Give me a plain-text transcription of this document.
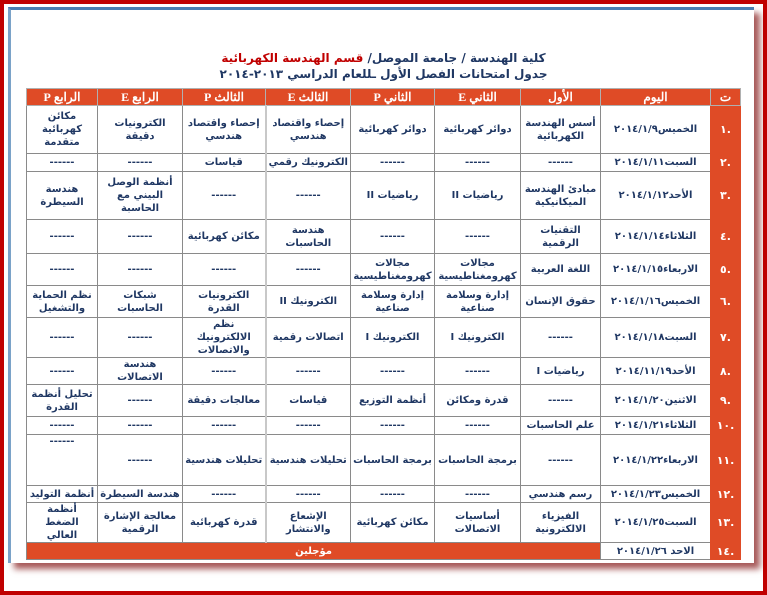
كلية الهندسة / جامعة الموصل/ قسم الهندسة الكهربائية
جدول امتحانات الفصل الأول ـللعام الدراسي ٢٠١٣-٢٠١٤
ت	اليوم	الأول	الثاني E	الثاني P	الثالث E	الثالث P	الرابع E	الرابع P
.١	الخميس٢٠١٤/١/٩	أسس الهندسة الكهربائية	دوائر كهربائية	دوائر كهربائية	إحصاء واقتصاد هندسي	إحصاء واقتصاد هندسي	الكترونيات دقيقة	مكائن كهربائية متقدمة
.٢	السبت٢٠١٤/١/١١	------	------	------	الكترونيك رقمي	قياسات	------	------
.٣	الأحد٢٠١٤/١/١٢	مبادئ الهندسة الميكانيكية	رياضيات II	رياضيات II	------	------	أنظمة الوصل البيني مع الحاسبة	هندسة السيطرة
.٤	الثلاثاء٢٠١٤/١/١٤	التقنيات الرقمية	------	------	هندسة الحاسبات	مكائن كهربائية	------	------
.٥	الاربعاء٢٠١٤/١/١٥	اللغة العربية	مجالات كهرومغناطيسية	مجالات كهرومغناطيسية	------	------	------	------
.٦	الخميس٢٠١٤/١/١٦	حقوق الإنسان	إدارة وسلامة صناعية	إدارة وسلامة صناعية	الكترونيك II	الكترونيات القدرة	شبكات الحاسبات	نظم الحماية والتشغيل
.٧	السبت٢٠١٤/١/١٨	------	الكترونيك I	الكترونيك I	اتصالات رقمية	نظم الالكترونيك والاتصالات	------	------
.٨	الأحد٢٠١٤/١١/١٩	رياضيات I	------	------	------	------	هندسة الاتصالات	------
.٩	الاثنين٢٠١٤/١/٢٠	------	قدرة ومكائن	أنظمة التوزيع	قياسات	معالجات دقيقة	------	تحليل أنظمة القدرة
.١٠	الثلاثاء٢٠١٤/١/٢١	علم الحاسبات	------	------	------	------	------	------
.١١	الاربعاء٢٠١٤/١/٢٢	------	برمجة الحاسبات	برمجة الحاسبات	تحليلات هندسية	تحليلات هندسية	------	------
.١٢	الخميس٢٠١٤/١/٢٣	رسم هندسي	------	------	------	------	هندسة السيطرة	أنظمة التوليد
.١٣	السبت٢٠١٤/١/٢٥	الفيزياء الالكترونية	أساسيات الاتصالات	مكائن كهربائية	الإشعاع والانتشار	قدرة كهربائية	معالجة الإشارة الرقمية	أنظمة الضغط العالي
.١٤	الاحد ٢٠١٤/١/٢٦	مؤجلين						
